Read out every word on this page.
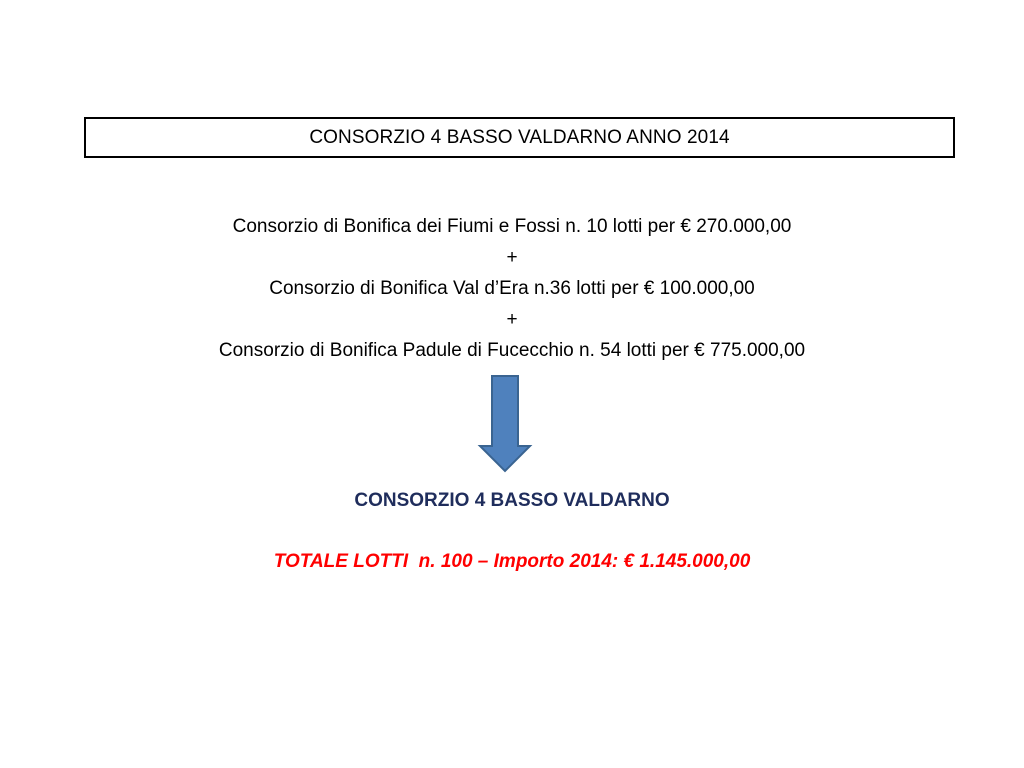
CONSORZIO 4 BASSO VALDARNO ANNO 2014
Consorzio di Bonifica dei Fiumi e Fossi n. 10 lotti per € 270.000,00
+
Consorzio di Bonifica Val d’Era n.36 lotti per € 100.000,00
+
Consorzio di Bonifica Padule di Fucecchio n. 54 lotti per € 775.000,00
CONSORZIO 4 BASSO VALDARNO
TOTALE LOTTI  n. 100 – Importo 2014: € 1.145.000,00
